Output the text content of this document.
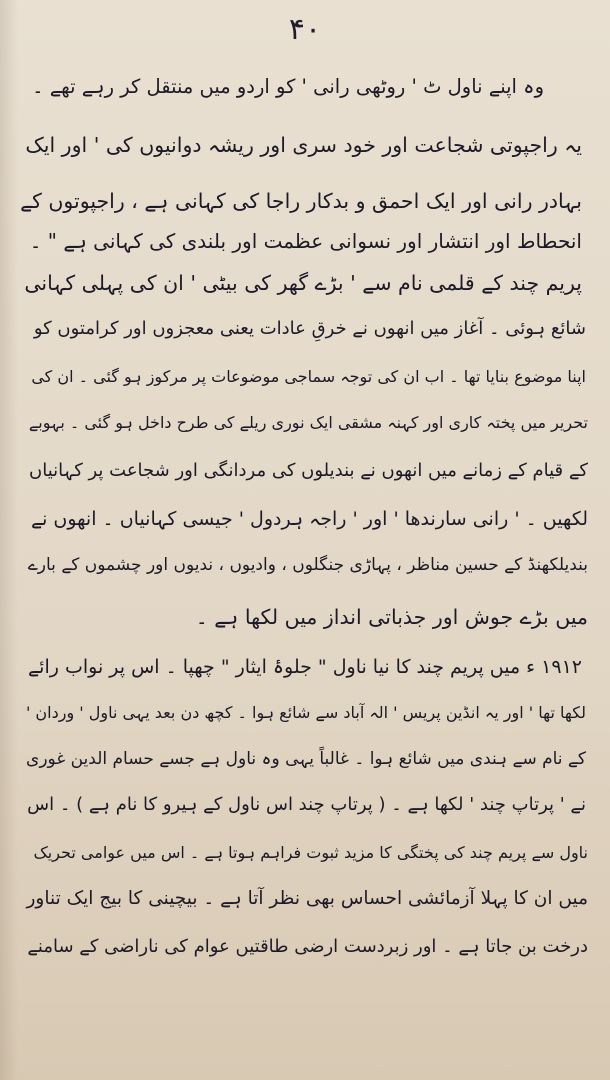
۴۰
وہ اپنے ناول ٹ ' روٹھی رانی ' کو اردو میں منتقل کر رہے تھے ۔
یہ راجپوتی شجاعت اور خود سری اور ریشہ دوانیوں کی ' اور ایک
بہادر رانی اور ایک احمق و بدکار راجا کی کہانی ہے ، راجپوتوں کے
انحطاط اور انتشار اور نسوانی عظمت اور بلندی کی کہانی ہے " ۔
پریم چند کے قلمی نام سے ' بڑے گھر کی بیٹی ' ان کی پہلی کہانی
شائع ہوئی ۔ آغاز میں انھوں نے خرقِ عادات یعنی معجزوں اور کرامتوں کو
اپنا موضوع بنایا تھا ۔ اب ان کی توجہ سماجی موضوعات پر مرکوز ہو گئی ۔ ان کی
تحریر میں پختہ کاری اور کہنہ مشقی ایک نوری ریلے کی طرح داخل ہو گئی ۔ بہوبے
کے قیام کے زمانے میں انھوں نے بندیلوں کی مردانگی اور شجاعت پر کہانیاں
لکھیں ۔ ' رانی سارندھا ' اور ' راجہ ہردول ' جیسی کہانیاں ۔ انھوں نے
بندیلکھنڈ کے حسین مناظر ، پہاڑی جنگلوں ، وادیوں ، ندیوں اور چشموں کے بارے
میں بڑے جوش اور جذباتی انداز میں لکھا ہے ۔
۱۹۱۲ ء میں پریم چند کا نیا ناول " جلوۂ ایثار " چھپا ۔ اس پر نواب رائے
لکھا تھا ' اور یہ انڈین پریس ' الہ آباد سے شائع ہوا ۔ کچھ دن بعد یہی ناول ' وردان '
کے نام سے ہندی میں شائع ہوا ۔ غالباً یہی وہ ناول ہے جسے حسام الدین غوری
نے ' پرتاپ چند ' لکھا ہے ۔ ( پرتاپ چند اس ناول کے ہیرو کا نام ہے ) ۔ اس
ناول سے پریم چند کی پختگی کا مزید ثبوت فراہم ہوتا ہے ۔ اس میں عوامی تحریک
میں ان کا پہلا آزمائشی احساس بھی نظر آتا ہے ۔ بیچینی کا بیج ایک تناور
درخت بن جاتا ہے ۔ اور زبردست ارضی طاقتیں عوام کی ناراضی کے سامنے
